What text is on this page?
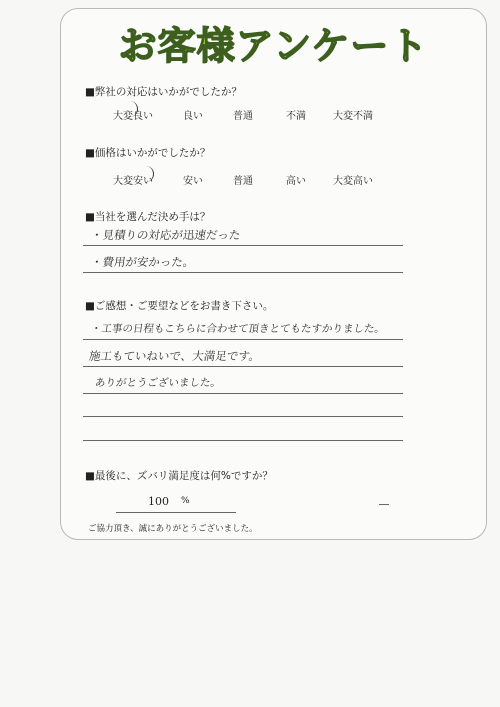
お客様アンケート
■弊社の対応はいかがでしたか？
大変良い	良い	普通	不満	大変不満
■価格はいかがでしたか？
大変安い	安い	普通	高い	大変高い
■当社を選んだ決め手は？
・見積りの対応が迅速だった
・費用が安かった。
■ご感想・ご要望などをお書き下さい。
・工事の日程もこちらに合わせて頂きとてもたすかりました。
施工もていねいで、大満足です。
ありがとうございました。
■最後に、ズバリ満足度は何%ですか？
100 %
ご協力頂き、誠にありがとうございました。
